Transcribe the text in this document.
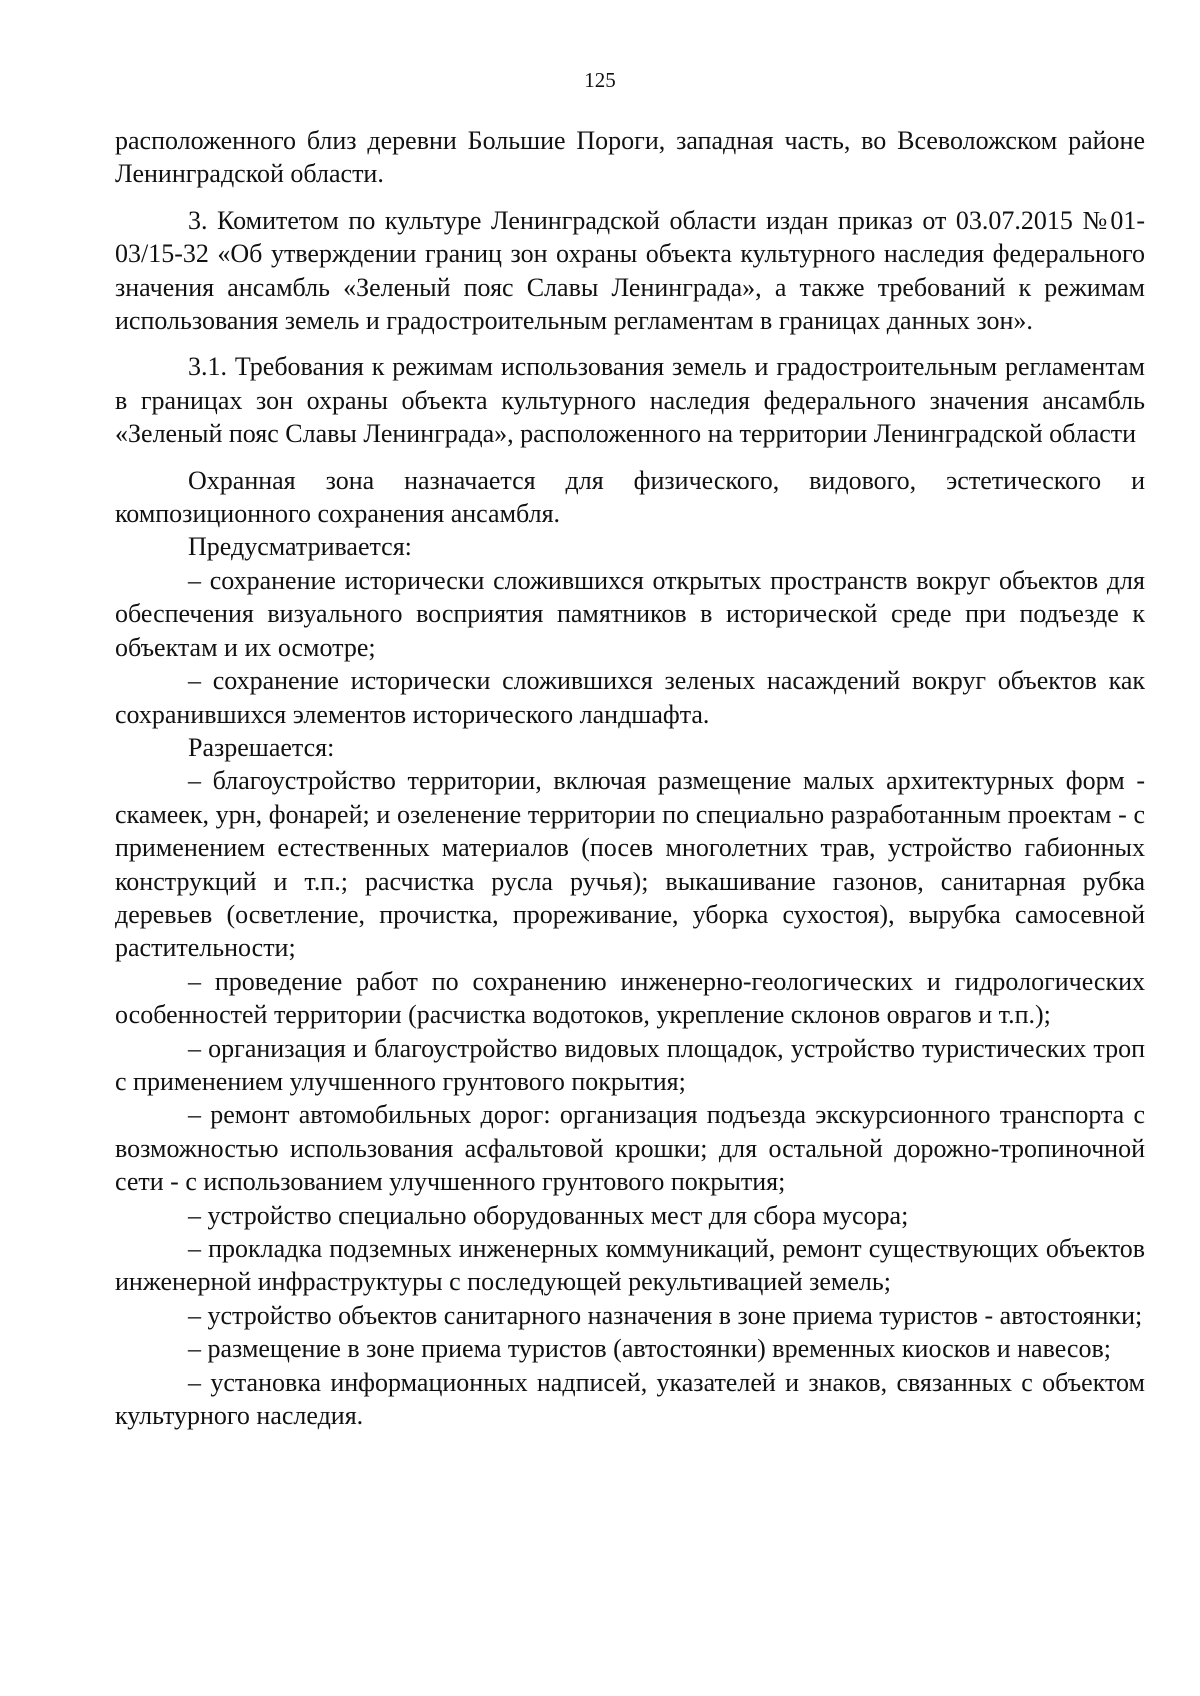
125

расположенного близ деревни Большие Пороги, западная часть, во Всеволожском районе Ленинградской области.

3. Комитетом по культуре Ленинградской области издан приказ от 03.07.2015 №01-03/15-32 «Об утверждении границ зон охраны объекта культурного наследия федерального значения ансамбль «Зеленый пояс Славы Ленинграда», а также требований к режимам использования земель и градостроительным регламентам в границах данных зон».

3.1. Требования к режимам использования земель и градостроительным регламентам в границах зон охраны объекта культурного наследия федерального значения ансамбль «Зеленый пояс Славы Ленинграда», расположенного на территории Ленинградской области

Охранная зона назначается для физического, видового, эстетического и композиционного сохранения ансамбля.

Предусматривается:

– сохранение исторически сложившихся открытых пространств вокруг объектов для обеспечения визуального восприятия памятников в исторической среде при подъезде к объектам и их осмотре;

– сохранение исторически сложившихся зеленых насаждений вокруг объектов как сохранившихся элементов исторического ландшафта.

Разрешается:

– благоустройство территории, включая размещение малых архитектурных форм - скамеек, урн, фонарей; и озеленение территории по специально разработанным проектам - с применением естественных материалов (посев многолетних трав, устройство габионных конструкций и т.п.; расчистка русла ручья); выкашивание газонов, санитарная рубка деревьев (осветление, прочистка, прореживание, уборка сухостоя), вырубка самосевной растительности;

– проведение работ по сохранению инженерно-геологических и гидрологических особенностей территории (расчистка водотоков, укрепление склонов оврагов и т.п.);

– организация и благоустройство видовых площадок, устройство туристических троп с применением улучшенного грунтового покрытия;

– ремонт автомобильных дорог: организация подъезда экскурсионного транспорта с возможностью использования асфальтовой крошки; для остальной дорожно-тропиночной сети - с использованием улучшенного грунтового покрытия;

– устройство специально оборудованных мест для сбора мусора;

– прокладка подземных инженерных коммуникаций, ремонт существующих объектов инженерной инфраструктуры с последующей рекультивацией земель;

– устройство объектов санитарного назначения в зоне приема туристов - автостоянки;

– размещение в зоне приема туристов (автостоянки) временных киосков и навесов;

– установка информационных надписей, указателей и знаков, связанных с объектом культурного наследия.
